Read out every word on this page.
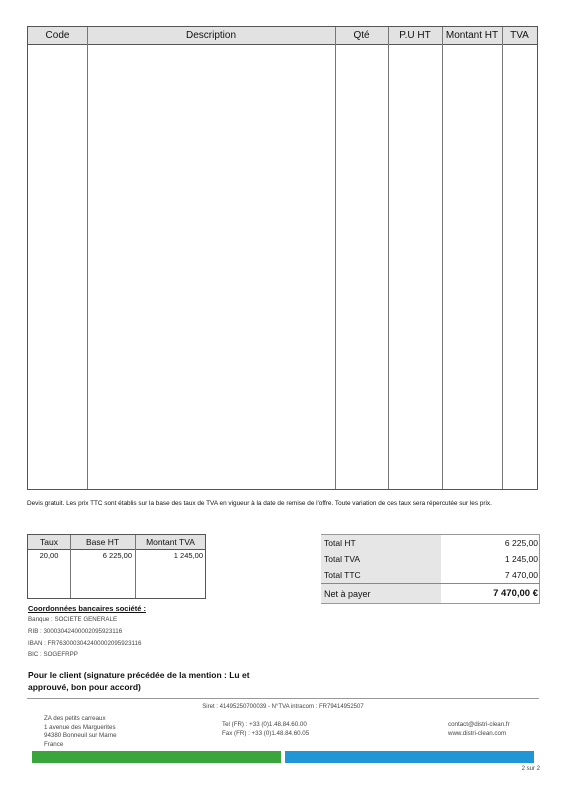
Code	Description	Qté	P.U HT	Montant HT	TVA
Devis gratuit. Les prix TTC sont établis sur la base des taux de TVA en vigueur à la date de remise de l'offre. Toute variation de ces taux sera répercutée sur les prix.
Taux	Base HT	Montant TVA
20,00	6 225,00	1 245,00
Total HT	6 225,00
Total TVA	1 245,00
Total TTC	7 470,00
Net à payer	7 470,00 €
Coordonnées bancaires société :
Banque : SOCIETE GENERALE
RIB : 30003042400002095923116
IBAN : FR7630003042400002095923116
BIC : SOGEFRPP
Pour le client (signature précédée de la mention : Lu et approuvé, bon pour accord)
Siret : 41495250700039 - N°TVA intracom : FR79414952507
ZA des petits carreaux
1 avenue des Marguerites
94380 Bonneuil sur Marne
France
Tel (FR) : +33 (0)1.48.84.60.00
Fax (FR) : +33 (0)1.48.84.60.05
contact@distri-clean.fr
www.distri-clean.com
2 sur 2
